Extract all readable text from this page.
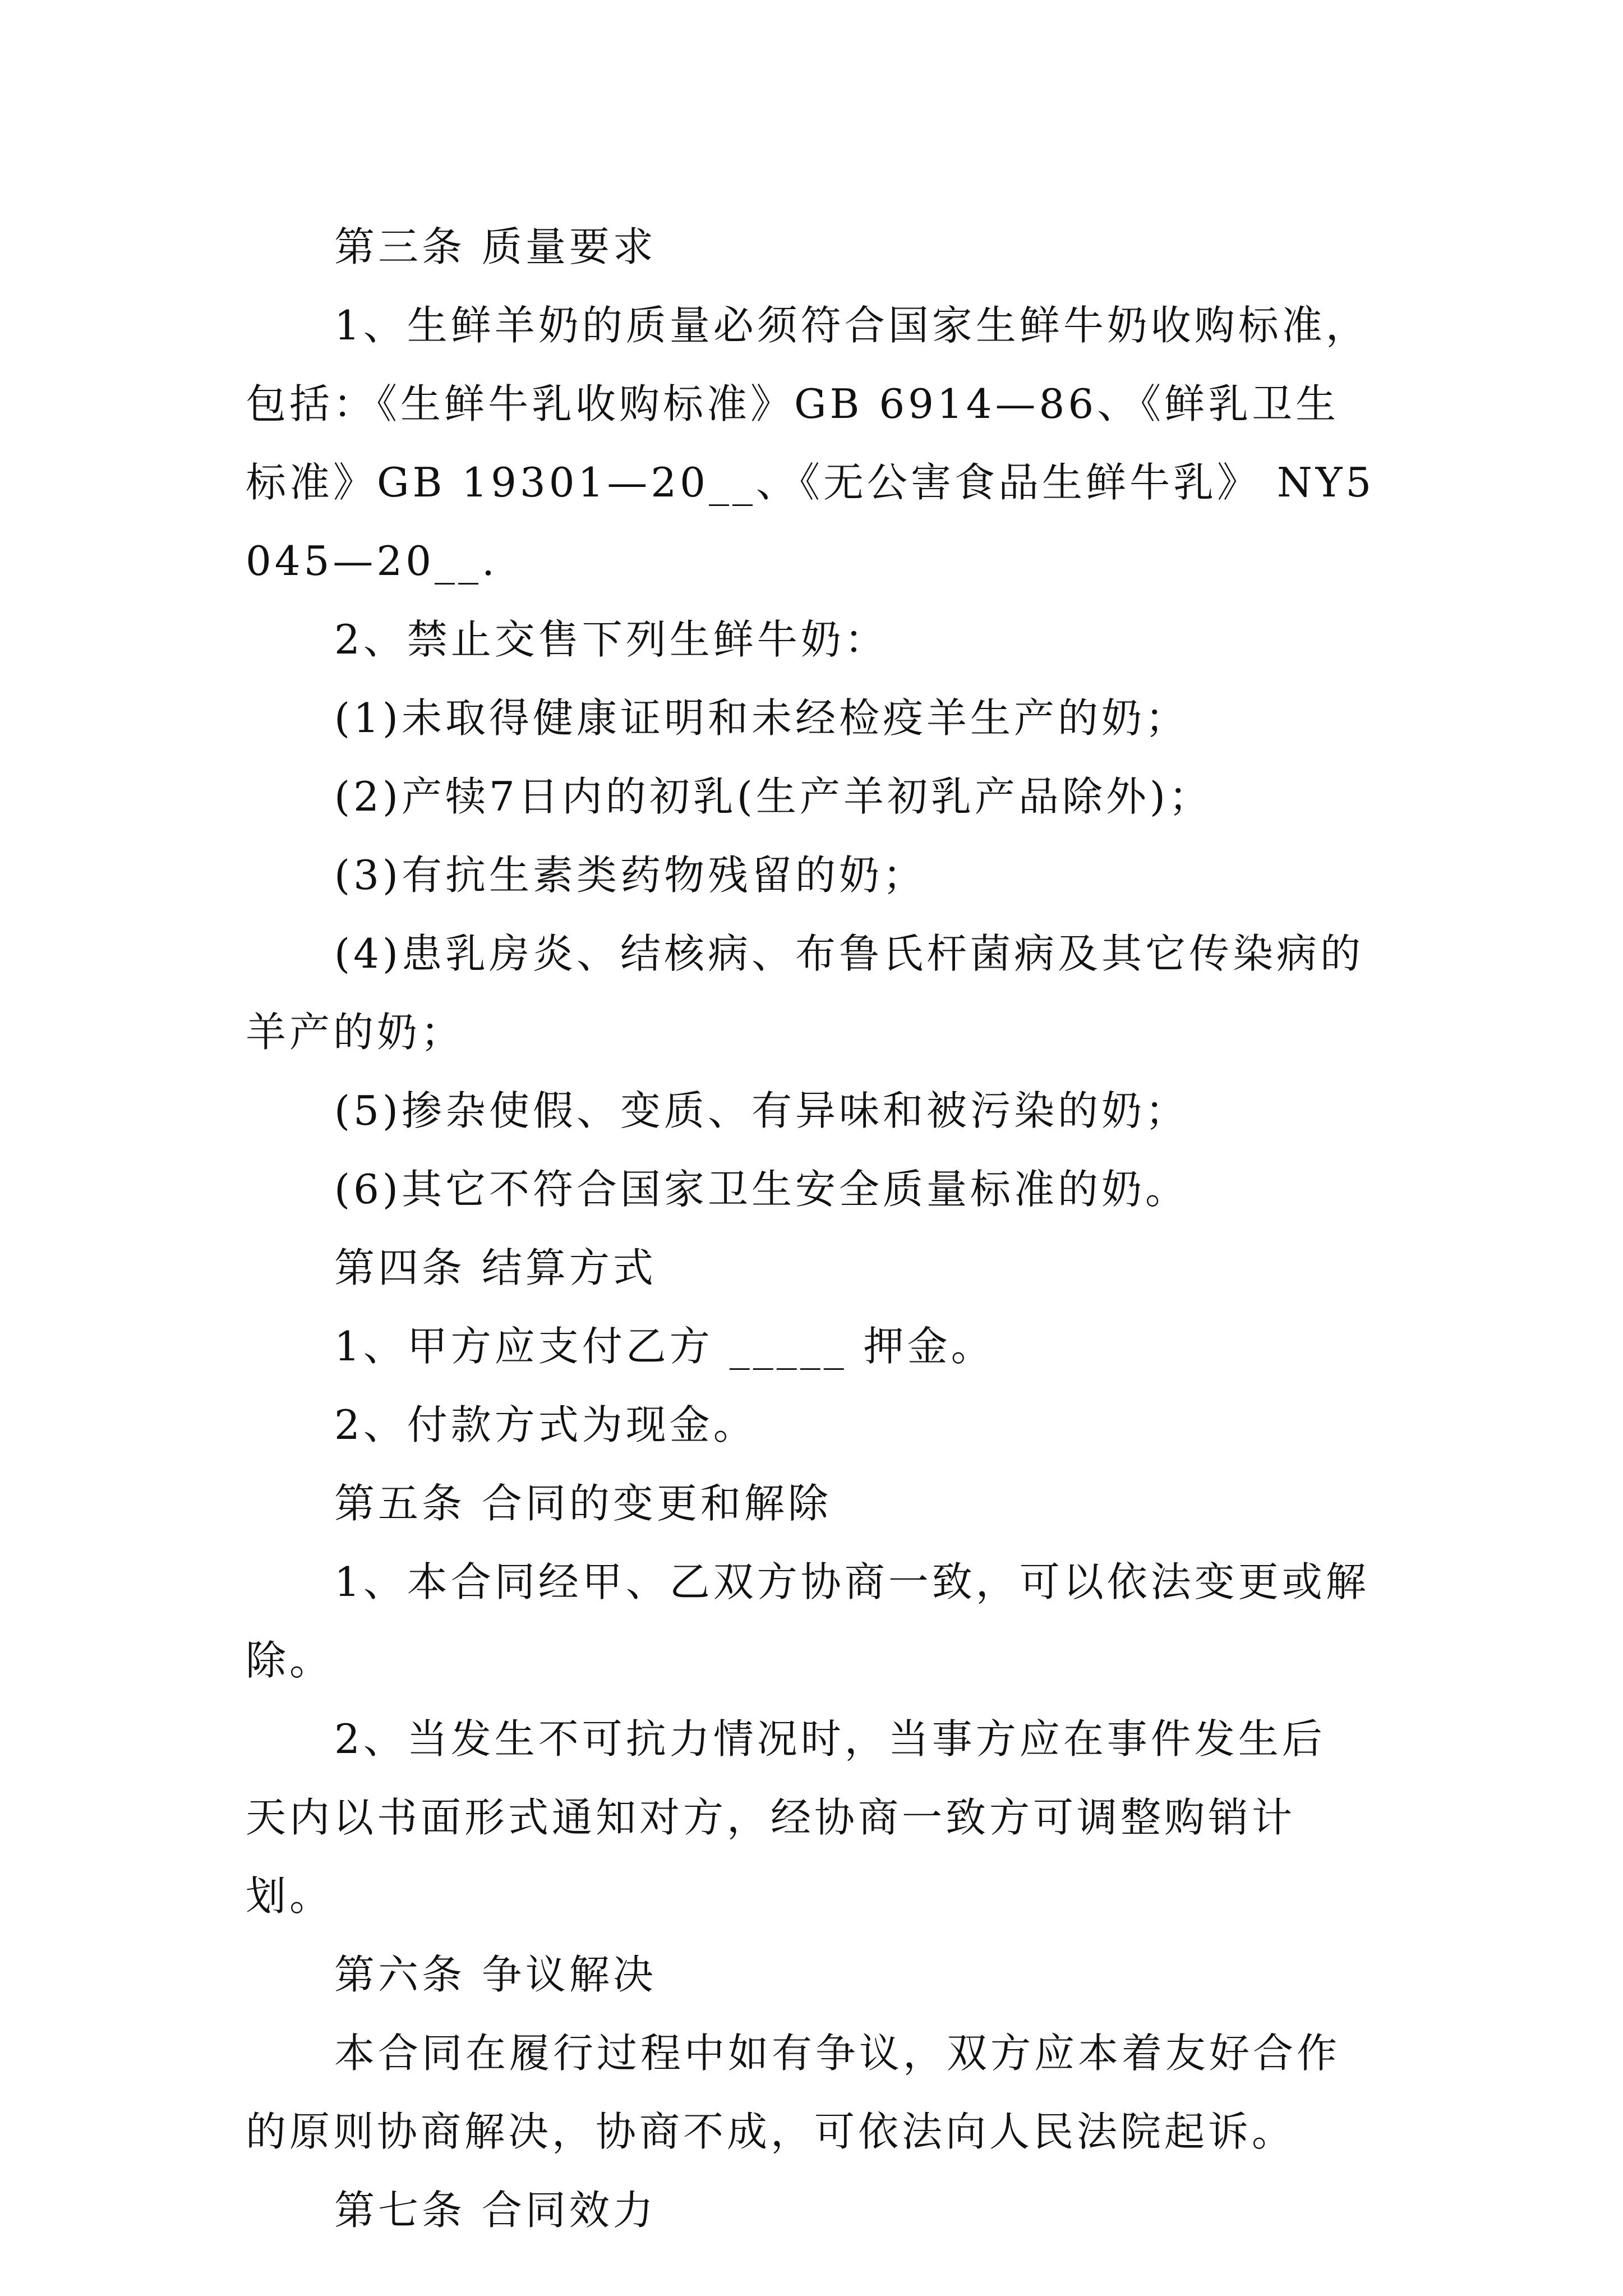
第三条 质量要求

1、生鲜羊奶的质量必须符合国家生鲜牛奶收购标准，包括：《生鲜牛乳收购标准》GB 6914—86、《鲜乳卫生标准》GB 19301—20__、《无公害食品生鲜牛乳》 NY5045—20__.

2、禁止交售下列生鲜牛奶：

(1)未取得健康证明和未经检疫羊生产的奶；

(2)产犊7日内的初乳(生产羊初乳产品除外)；

(3)有抗生素类药物残留的奶；

(4)患乳房炎、结核病、布鲁氏杆菌病及其它传染病的羊产的奶；

(5)掺杂使假、变质、有异味和被污染的奶；

(6)其它不符合国家卫生安全质量标准的奶。

第四条 结算方式

1、甲方应支付乙方 _____ 押金。

2、付款方式为现金。

第五条 合同的变更和解除

1、本合同经甲、乙双方协商一致，可以依法变更或解除。

2、当发生不可抗力情况时，当事方应在事件发生后 天内以书面形式通知对方，经协商一致方可调整购销计划。

第六条 争议解决

本合同在履行过程中如有争议，双方应本着友好合作的原则协商解决，协商不成，可依法向人民法院起诉。

第七条 合同效力
